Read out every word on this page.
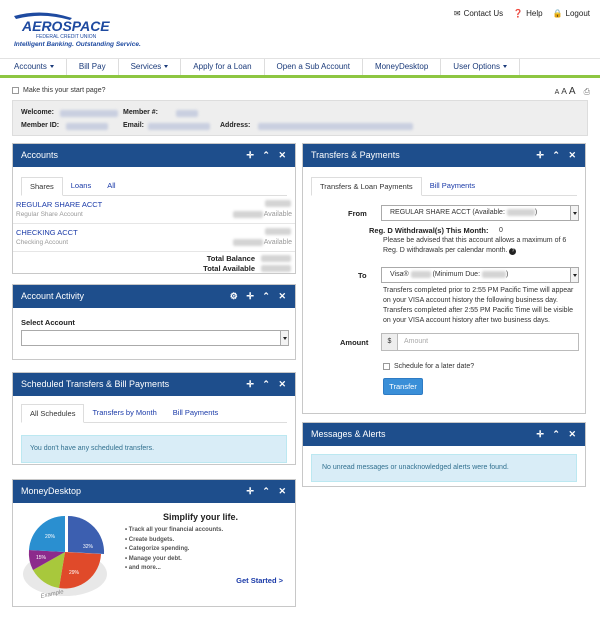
AEROSPACE
FEDERAL CREDIT UNION
Intelligent Banking. Outstanding Service.
✉ Contact Us ❓ Help 🔒 Logout
Accounts	Bill Pay	Services	Apply for a Loan	Open a Sub Account	MoneyDesktop	User Options
Make this your start page?	A A A ⎙
Welcome:	Member #:
Member ID:	Email:	Address:
Accounts	✛ ⌃ ✕
Shares	Loans	All
REGULAR SHARE ACCT
Regular Share Account	Available
CHECKING ACCT
Checking Account	Available
Total Balance
Total Available
Account Activity	⚙ ✛ ⌃ ✕
Select Account
Scheduled Transfers & Bill Payments	✛ ⌃ ✕
All Schedules	Transfers by Month	Bill Payments
You don't have any scheduled transfers.
MoneyDesktop	✛ ⌃ ✕
20%
32%
15%
29%
Example
Simplify your life.
• Track all your financial accounts.
• Create budgets.
• Categorize spending.
• Manage your debt.
• and more...
Get Started >
Transfers & Payments	✛ ⌃ ✕
Transfers & Loan Payments	Bill Payments
From	REGULAR SHARE ACCT (Available:	)
Reg. D Withdrawal(s) This Month: 0
Please be advised that this account allows a maximum of 6
Reg. D withdrawals per calendar month. ?
To	Visa®	(Minimum Due:	)
Transfers completed prior to 2:55 PM Pacific Time will appear
on your VISA account history the following business day.
Transfers completed after 2:55 PM Pacific Time will be visible
on your VISA account history after two business days.
Amount	$	Amount
Schedule for a later date?
Transfer
Messages & Alerts	✛ ⌃ ✕
No unread messages or unacknowledged alerts were found.
